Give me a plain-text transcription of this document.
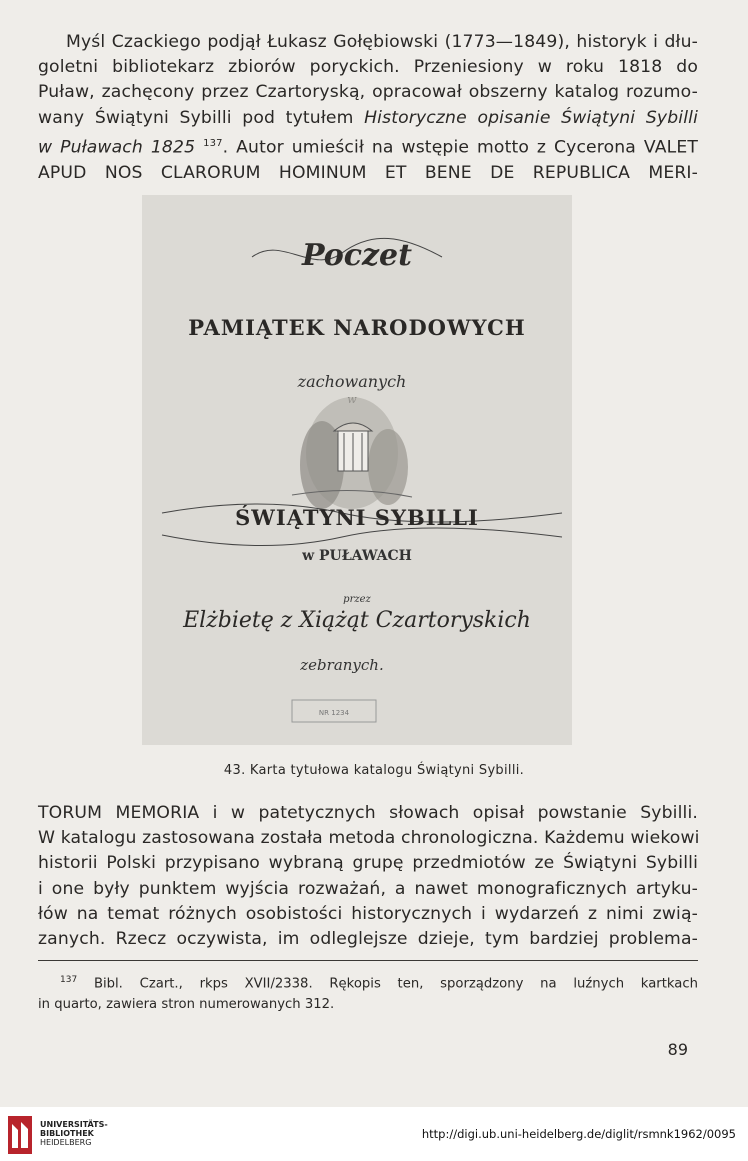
Myśl Czackiego podjął Łukasz Gołębiowski (1773—1849), historyk i dłu-
goletni bibliotekarz zbiorów poryckich. Przeniesiony w roku 1818 do
Puław, zachęcony przez Czartoryską, opracował obszerny katalog rozumo-
wany Świątyni Sybilli pod tytułem Historyczne opisanie Świątyni Sybilli
w Puławach 1825 $^{137}$. Autor umieścił na wstępie motto z Cycerona VALET
APUD NOS CLARORUM HOMINUM ET BENE DE REPUBLICA MERI-
Poczet
PAMIĄTEK NARODOWYCH
zachowanych
ŚWIĄTYNI SYBILLI
w PUŁAWACH
przez
Elżbietę z Xiążąt Czartoryskich
zebranych.
NR 1234
43. Karta tytułowa katalogu Świątyni Sybilli.
TORUM MEMORIA i w patetycznych słowach opisał powstanie Sybilli.
W katalogu zastosowana została metoda chronologiczna. Każdemu wiekowi
historii Polski przypisano wybraną grupę przedmiotów ze Świątyni Sybilli
i one były punktem wyjścia rozważań, a nawet monograficznych artyku-
łów na temat różnych osobistości historycznych i wydarzeń z nimi zwią-
zanych. Rzecz oczywista, im odleglejsze dzieje, tym bardziej problema-
$^{137}$ Bibl. Czart., rkps XVII/2338. Rękopis ten, sporządzony na luźnych kartkach
in quarto, zawiera stron numerowanych 312.
89
UNIVERSITÄTS-
BIBLIOTHEK
HEIDELBERG
http://digi.ub.uni-heidelberg.de/diglit/rsmnk1962/0095
